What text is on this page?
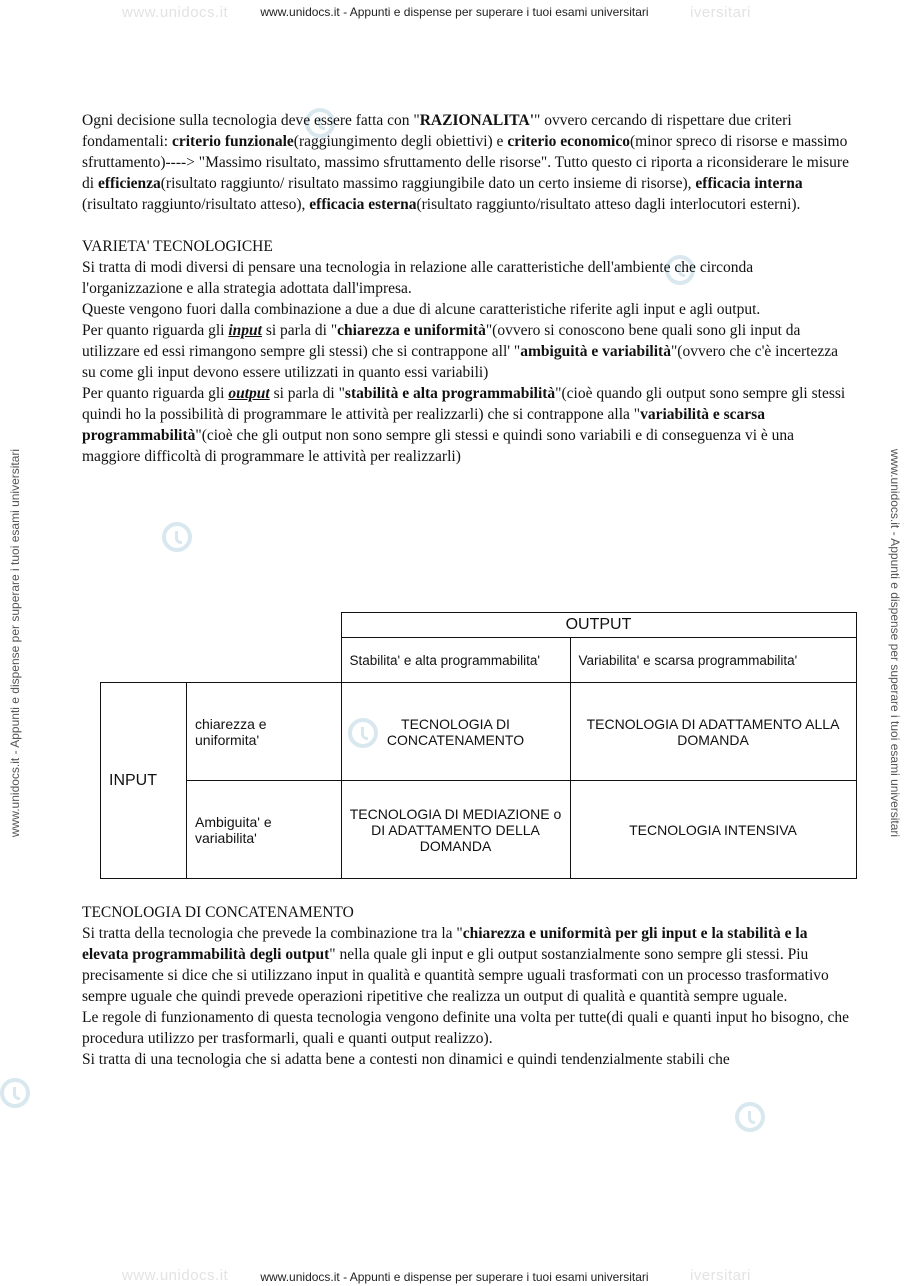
www.unidocs.it	iversitari
www.unidocs.it - Appunti e dispense per superare i tuoi esami universitari
www.unidocs.it	iversitari
www.unidocs.it - Appunti e dispense per superare i tuoi esami universitari
www.unidocs.it - Appunti e dispense per superare i tuoi esami universitari	www.unidocs.it - Appunti e dispense per superare i tuoi esami universitari

Ogni decisione sulla tecnologia deve essere fatta con "RAZIONALITA'" ovvero cercando di rispettare due criteri fondamentali: criterio funzionale(raggiungimento degli obiettivi) e criterio economico(minor spreco di risorse e massimo sfruttamento)----> "Massimo risultato, massimo sfruttamento delle risorse". Tutto questo ci riporta a riconsiderare le misure di efficienza(risultato raggiunto/ risultato massimo raggiungibile dato un certo insieme di risorse), efficacia interna (risultato raggiunto/risultato atteso), efficacia esterna(risultato raggiunto/risultato atteso dagli interlocutori esterni).

VARIETA' TECNOLOGICHE

Si tratta di modi diversi di pensare una tecnologia in relazione alle caratteristiche dell'ambiente che circonda l'organizzazione e alla strategia adottata dall'impresa.

Queste vengono fuori dalla combinazione a due a due di alcune caratteristiche riferite agli input e agli output.

Per quanto riguarda gli input si parla di "chiarezza e uniformità"(ovvero si conoscono bene quali sono gli input da utilizzare ed essi rimangono sempre gli stessi) che si contrappone all' "ambiguità e variabilità"(ovvero che c'è incertezza su come gli input devono essere utilizzati in quanto essi variabili)

Per quanto riguarda gli output si parla di "stabilità e alta programmabilità"(cioè quando gli output sono sempre gli stessi quindi ho la possibilità di programmare le attività per realizzarli) che si contrappone alla "variabilità e scarsa programmabilità"(cioè che gli output non sono sempre gli stessi e quindi sono variabili e di conseguenza vi è una maggiore difficoltà di programmare le attività per realizzarli)

		OUTPUT	
		Stabilita' e alta programmabilita'	Variabilita' e scarsa programmabilita'
INPUT	chiarezza e uniformita'	TECNOLOGIA DI CONCATENAMENTO	TECNOLOGIA DI ADATTAMENTO ALLA DOMANDA
	Ambiguita' e variabilita'	TECNOLOGIA DI MEDIAZIONE o DI ADATTAMENTO DELLA DOMANDA	TECNOLOGIA INTENSIVA

TECNOLOGIA DI CONCATENAMENTO

Si tratta della tecnologia che prevede la combinazione tra la "chiarezza e uniformità per gli input e la stabilità e la elevata programmabilità degli output" nella quale gli input e gli output sostanzialmente sono sempre gli stessi. Piu precisamente si dice che si utilizzano input in qualità e quantità sempre uguali trasformati con un processo trasformativo sempre uguale che quindi prevede operazioni ripetitive che realizza un output di qualità e quantità sempre uguale.

Le regole di funzionamento di questa tecnologia vengono definite una volta per tutte(di quali e quanti input ho bisogno, che procedura utilizzo per trasformarli, quali e quanti output realizzo).

Si tratta di una tecnologia che si adatta bene a contesti non dinamici e quindi tendenzialmente stabili che
